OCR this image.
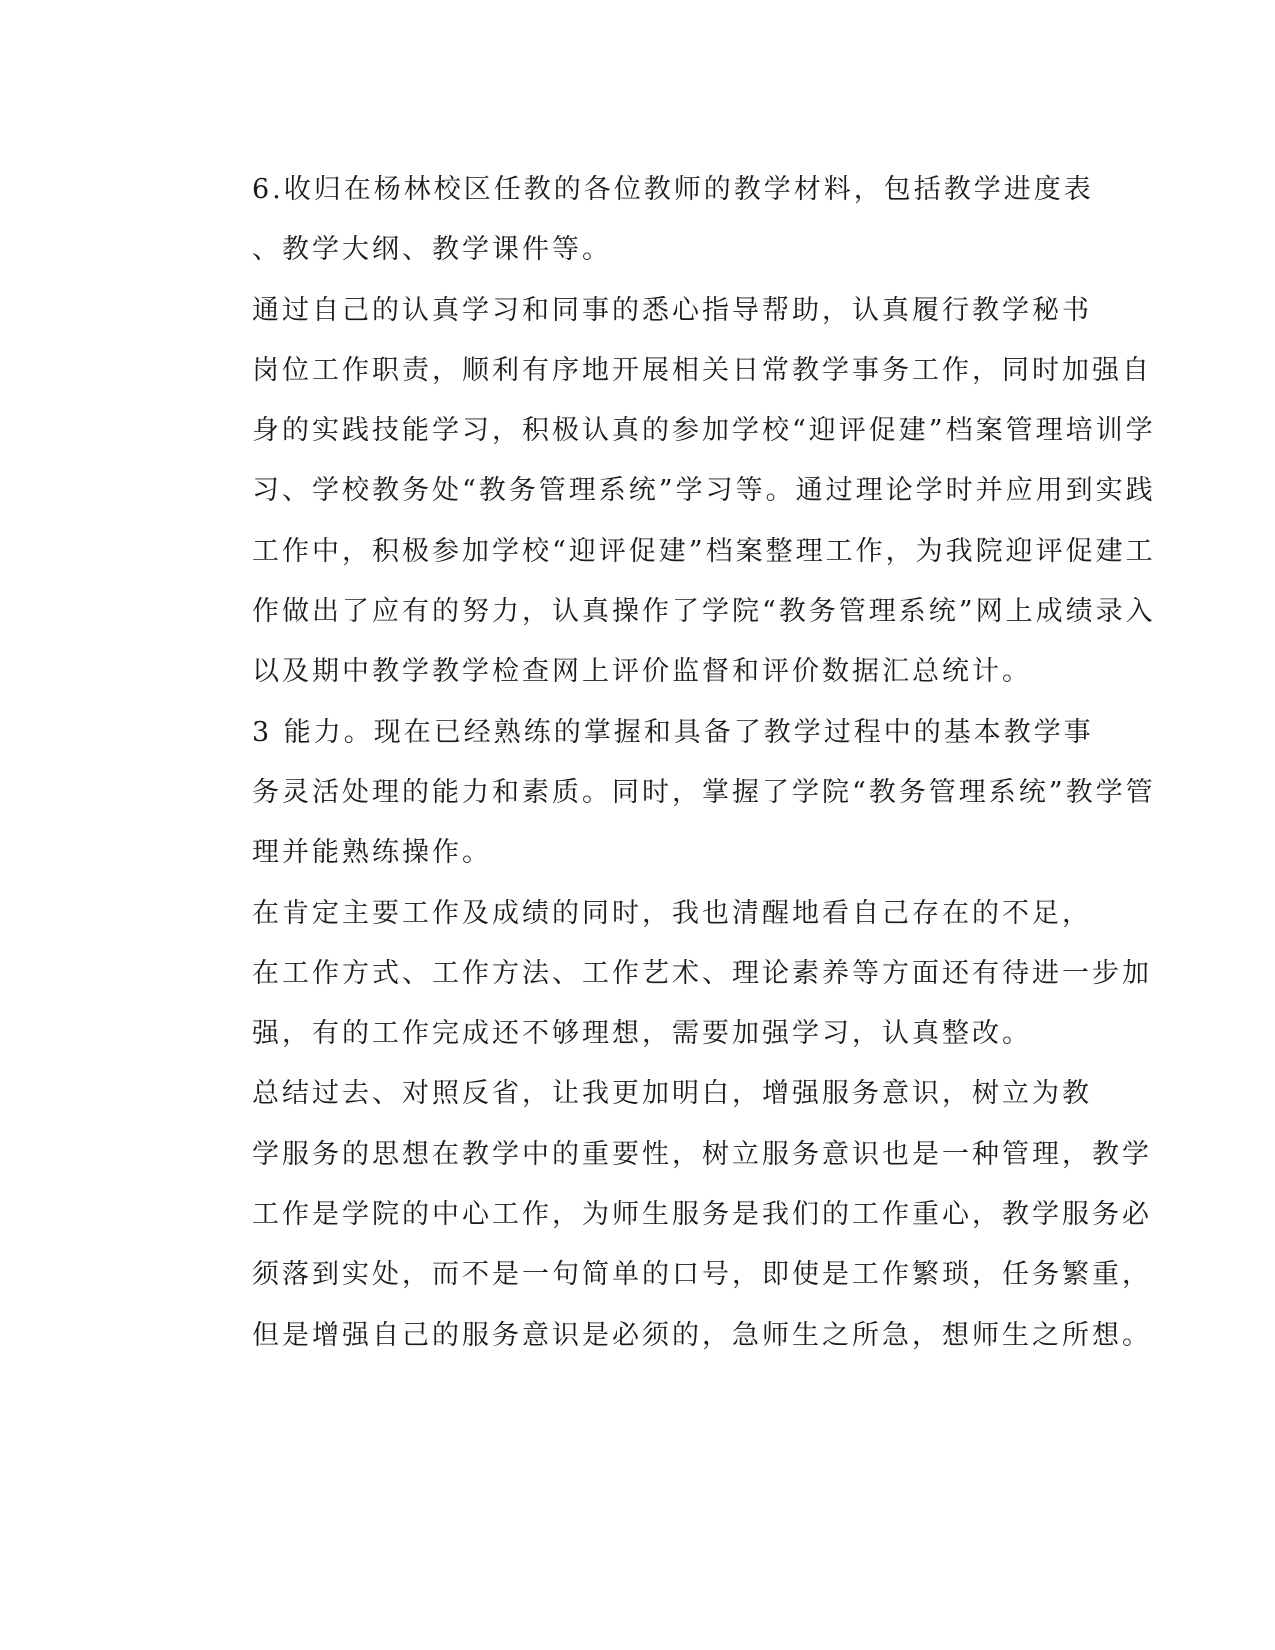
6.收归在杨林校区任教的各位教师的教学材料，包括教学进度表
、教学大纲、教学课件等。

通过自己的认真学习和同事的悉心指导帮助，认真履行教学秘书
岗位工作职责，顺利有序地开展相关日常教学事务工作，同时加强自
身的实践技能学习，积极认真的参加学校“迎评促建”档案管理培训学
习、学校教务处“教务管理系统”学习等。通过理论学时并应用到实践
工作中，积极参加学校“迎评促建”档案整理工作，为我院迎评促建工
作做出了应有的努力，认真操作了学院“教务管理系统”网上成绩录入
以及期中教学教学检查网上评价监督和评价数据汇总统计。

3 能力。现在已经熟练的掌握和具备了教学过程中的基本教学事
务灵活处理的能力和素质。同时，掌握了学院“教务管理系统”教学管
理并能熟练操作。

在肯定主要工作及成绩的同时，我也清醒地看自己存在的不足，
在工作方式、工作方法、工作艺术、理论素养等方面还有待进一步加
强，有的工作完成还不够理想，需要加强学习，认真整改。

总结过去、对照反省，让我更加明白，增强服务意识，树立为教
学服务的思想在教学中的重要性，树立服务意识也是一种管理，教学
工作是学院的中心工作，为师生服务是我们的工作重心，教学服务必
须落到实处，而不是一句简单的口号，即使是工作繁琐，任务繁重，
但是增强自己的服务意识是必须的，急师生之所急，想师生之所想。
